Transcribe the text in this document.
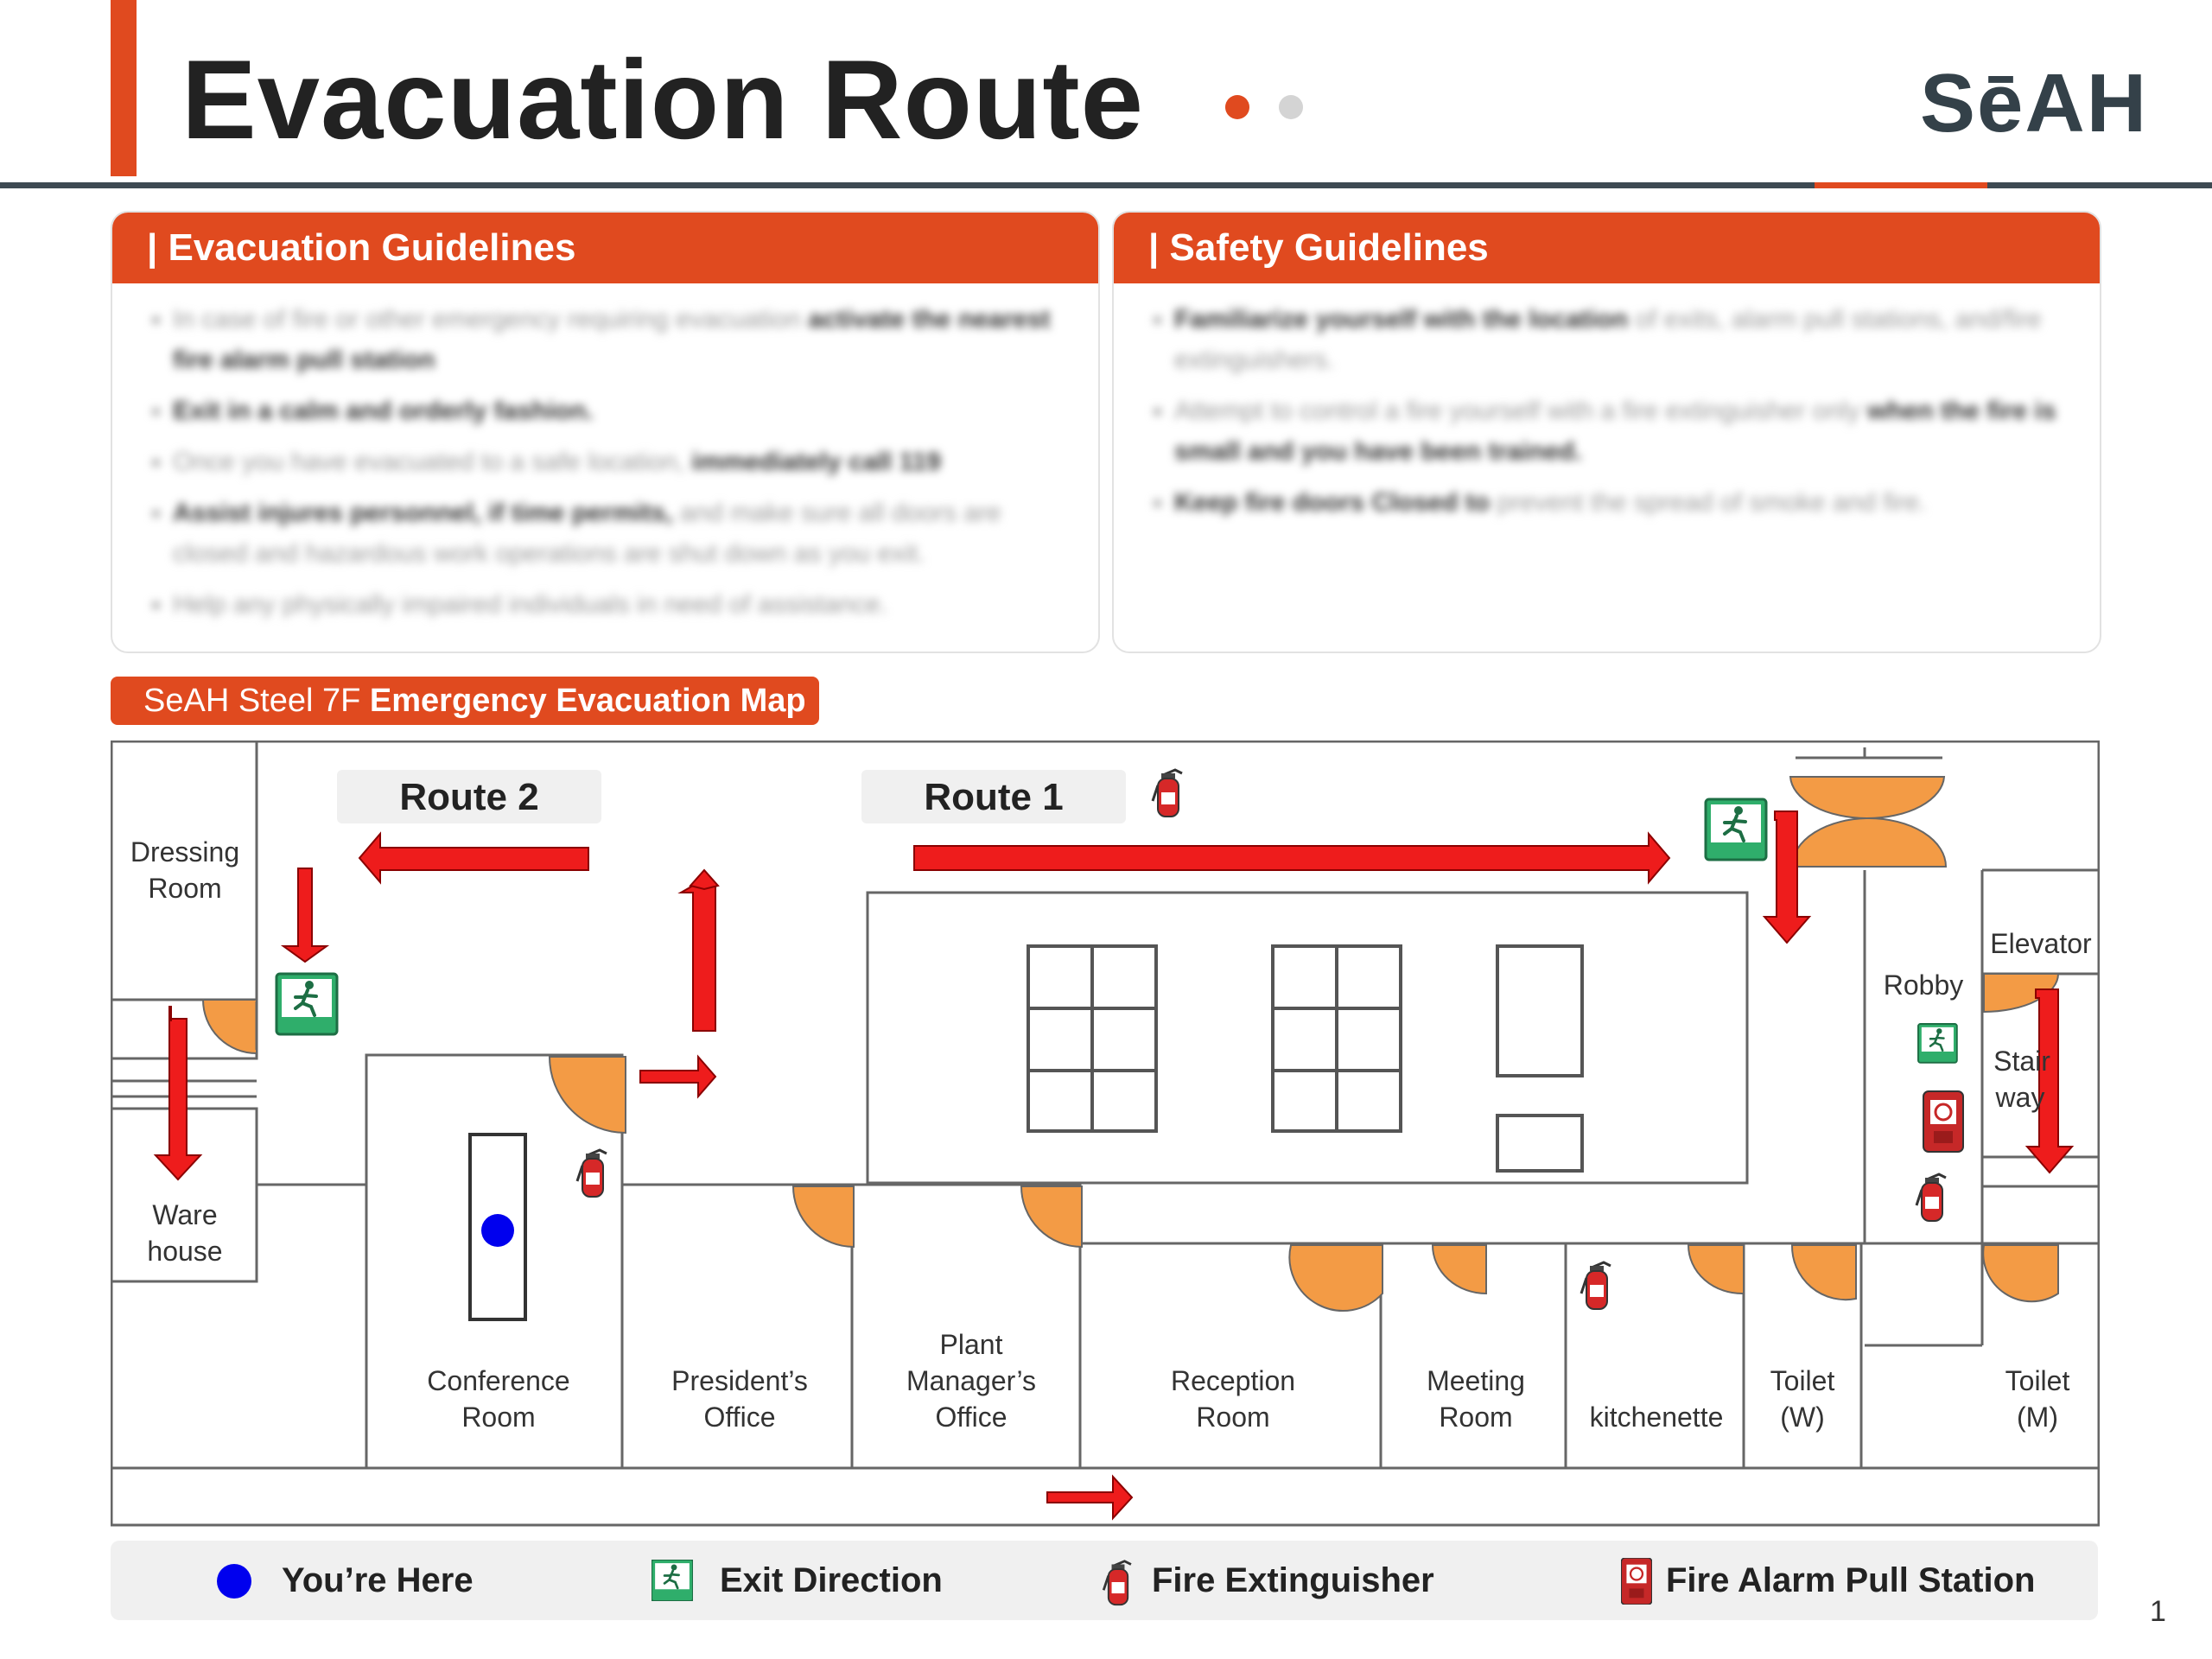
Evacuation Route	SēAH
| Evacuation Guidelines
• In case of fire or other emergency requiring evacuation activate the nearest fire alarm pull station
• Exit in a calm and orderly fashion.
• Once you have evacuated to a safe location, immediately call 119
• Assist injures personnel, if time permits, and make sure all doors are closed and hazardous work operations are shut down as you exit.
• Help any physically impaired individuals in need of assistance.
| Safety Guidelines
• Familiarize yourself with the location of exits, alarm pull stations, and/fire extinguishers.
• Attempt to control a fire yourself with a fire extinguisher only when the fire is small and you have been trained.
• Keep fire doors Closed to prevent the spread of smoke and fire.
SeAH Steel 7F Emergency Evacuation Map
Route 2	Route 1
Dressing
Room
Ware
house
Conference
Room
President’s
Office
Plant
Manager’s
Office
Reception
Room
Meeting
Room	kitchenette
Toilet
(W)
Toilet
(M)
Robby
Elevator
Stair
way
You’re Here	Exit Direction	Fire Extinguisher	Fire Alarm Pull Station
1
